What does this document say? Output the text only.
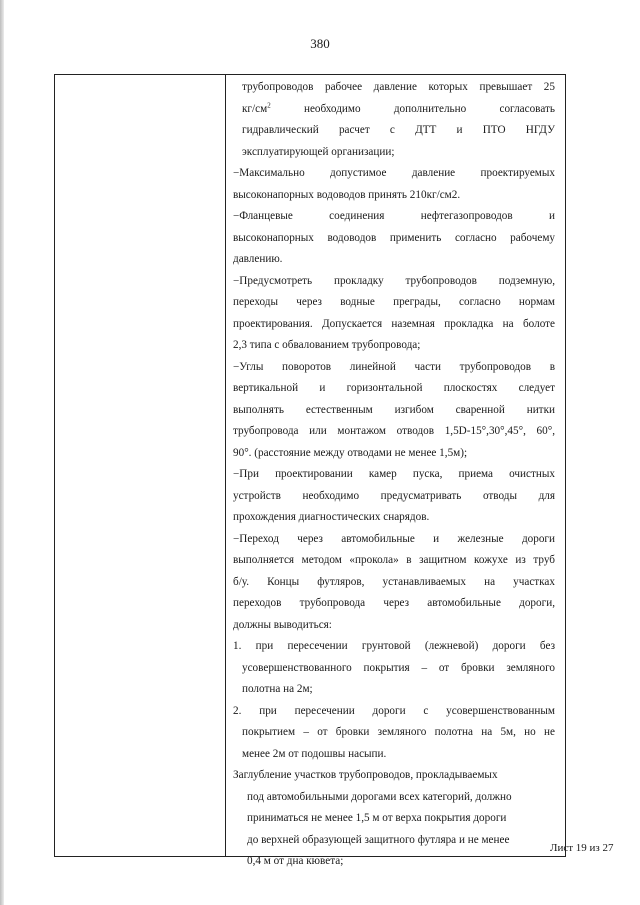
380

трубопроводов рабочее давление которых превышает 25

$кг/см^2$ необходимо дополнительно согласовать

гидравлический расчет с ДТТ и ПТО НГДУ

эксплуатирующей организации;

−Максимально допустимое давление проектируемых

высоконапорных водоводов принять 210кг/см2.

−Фланцевые соединения нефтегазопроводов и

высоконапорных водоводов применить согласно рабочему

давлению.

−Предусмотреть прокладку трубопроводов подземную,

переходы через водные преграды, согласно нормам

проектирования. Допускается наземная прокладка на болоте

2,3 типа с обвалованием трубопровода;

−Углы поворотов линейной части трубопроводов в

вертикальной и горизонтальной плоскостях следует

выполнять естественным изгибом сваренной нитки

трубопровода или монтажом отводов 1,5D-15°,30°,45°, 60°,

90°. (расстояние между отводами не менее 1,5м);

−При проектировании камер пуска, приема очистных

устройств необходимо предусматривать отводы для

прохождения диагностических снарядов.

−Переход через автомобильные и железные дороги

выполняется методом «прокола» в защитном кожухе из труб

б/у. Концы футляров, устанавливаемых на участках

переходов трубопровода через автомобильные дороги,

должны выводиться:

1. при пересечении грунтовой (лежневой) дороги без

усовершенствованного покрытия – от бровки земляного

полотна на 2м;

2. при пересечении дороги с усовершенствованным

покрытием – от бровки земляного полотна на 5м, но не

менее 2м от подошвы насыпи.

Заглубление участков трубопроводов, прокладываемых

под автомобильными дорогами всех категорий, должно

приниматься не менее 1,5 м от верха покрытия дороги

до верхней образующей защитного футляра и не менее

0,4 м от дна кювета;

Лист 19 из 27
